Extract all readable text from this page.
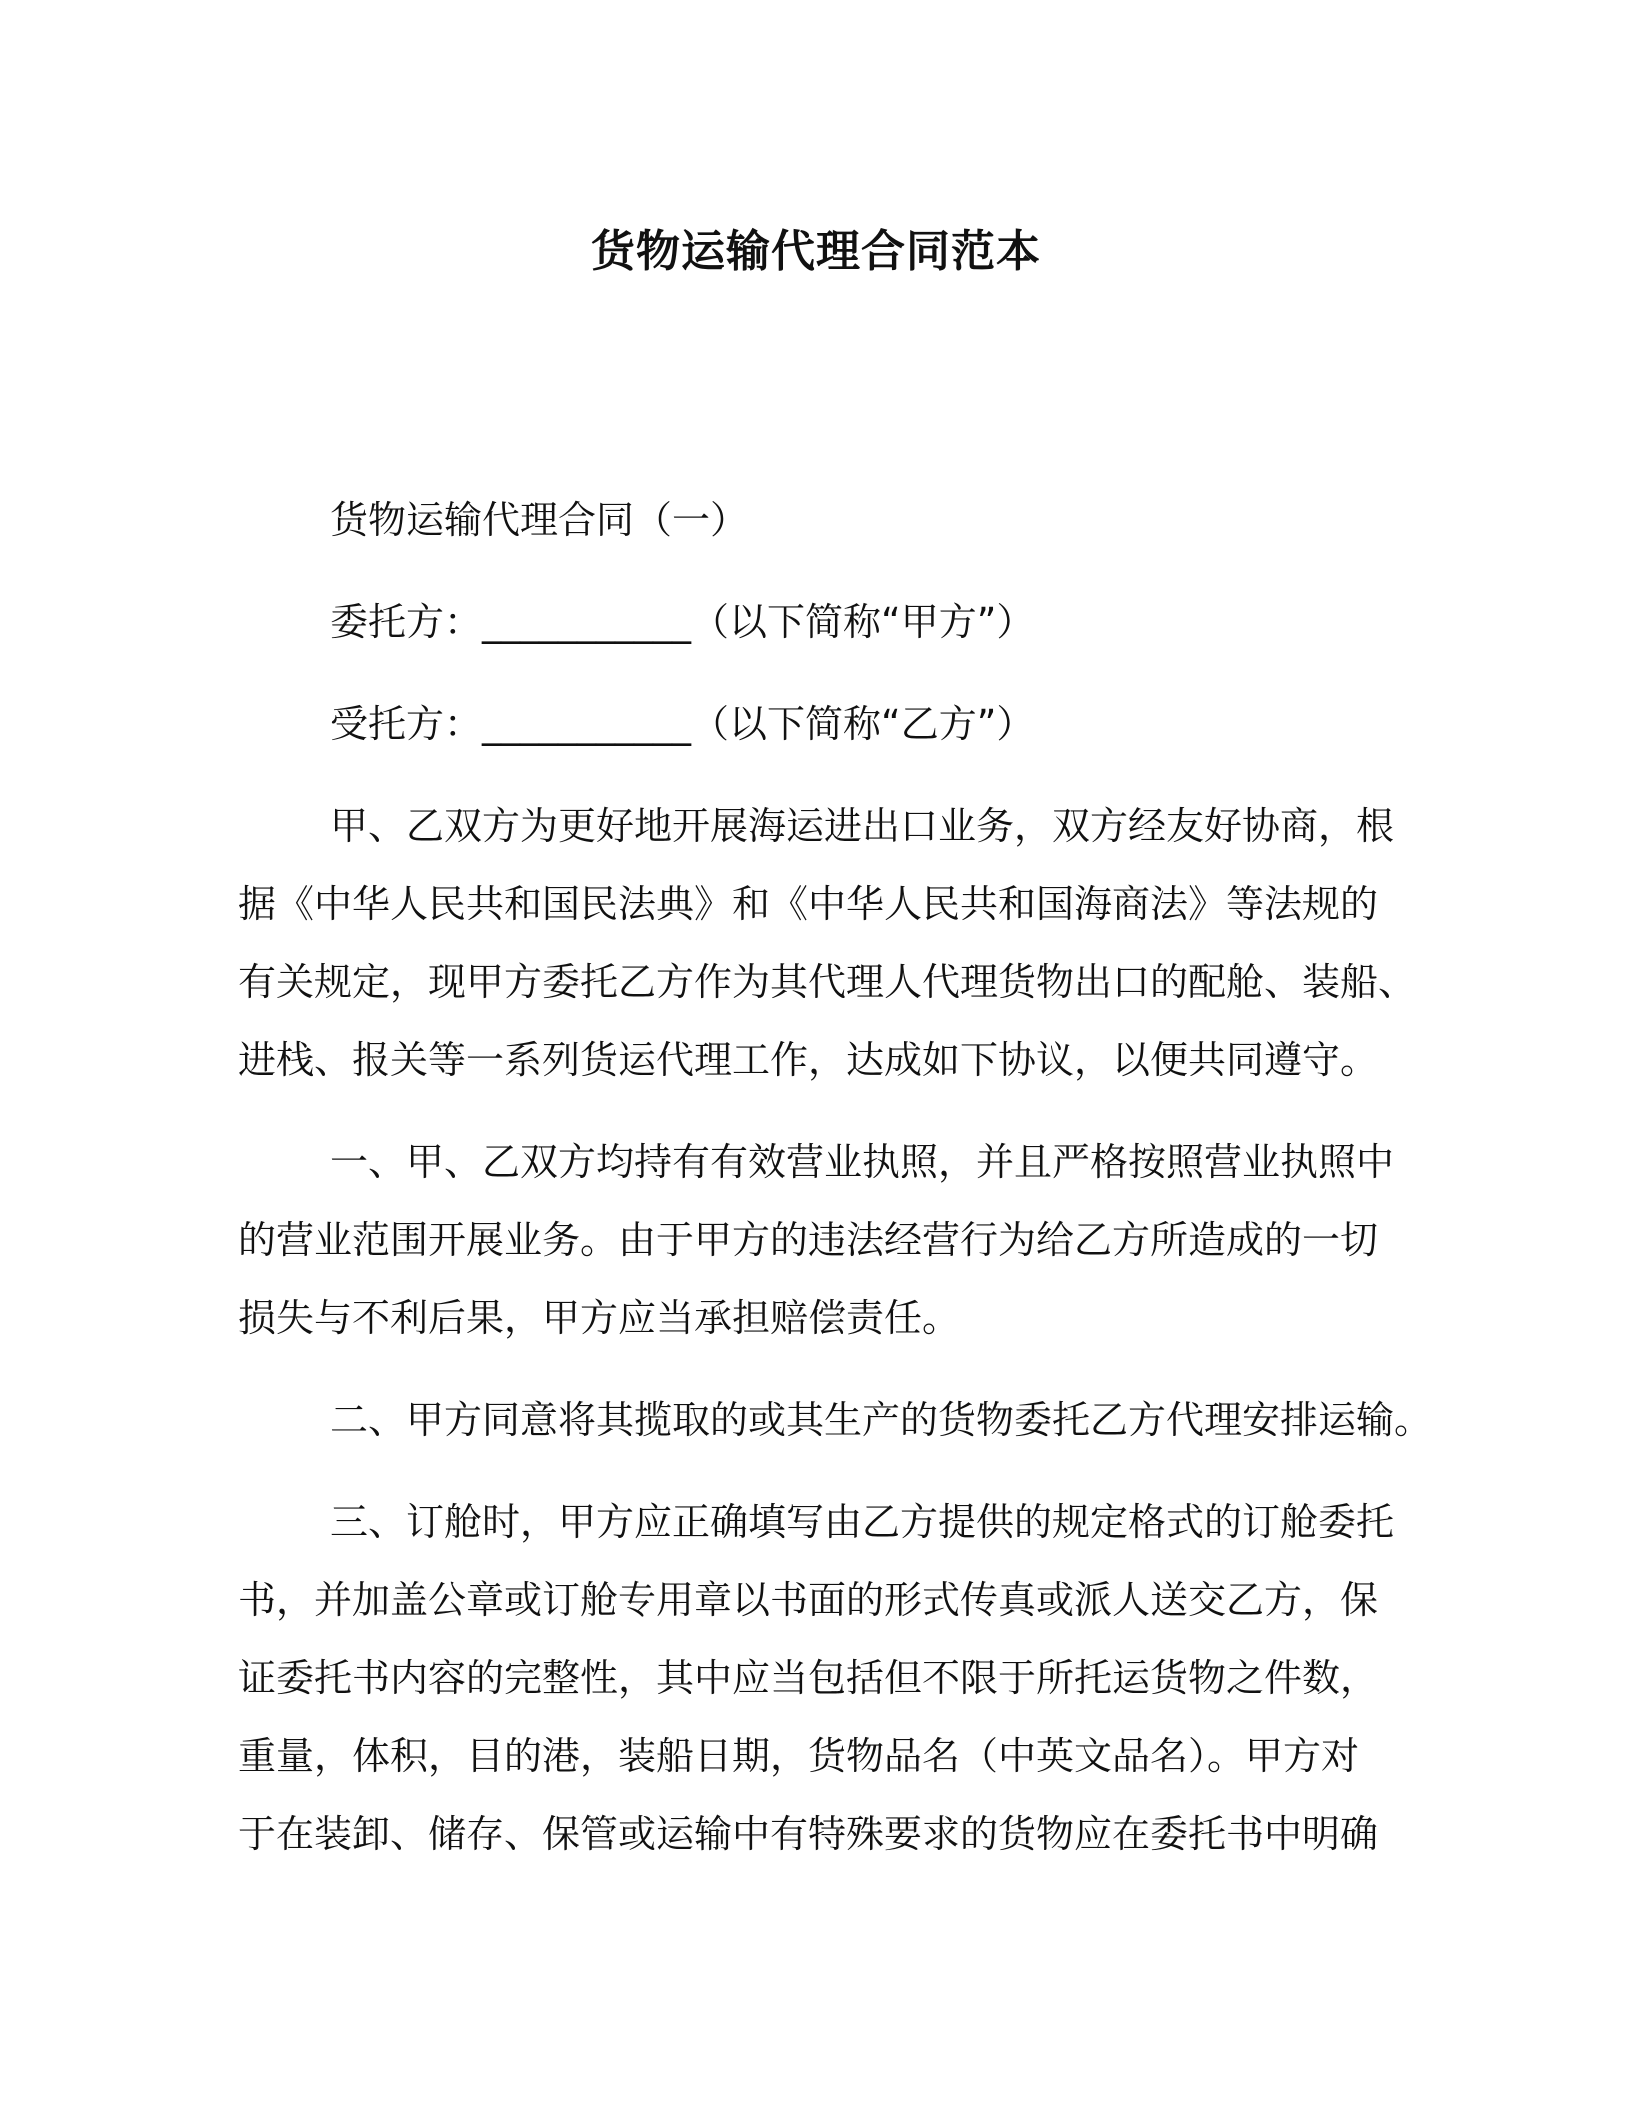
货物运输代理合同范本
货物运输代理合同（一）
委托方：___________（以下简称“甲方”）
受托方：___________（以下简称“乙方”）
甲、乙双方为更好地开展海运进出口业务，双方经友好协商，根
据《中华人民共和国民法典》和《中华人民共和国海商法》等法规的
有关规定，现甲方委托乙方作为其代理人代理货物出口的配舱、装船、
进栈、报关等一系列货运代理工作，达成如下协议，以便共同遵守。
一、甲、乙双方均持有有效营业执照，并且严格按照营业执照中
的营业范围开展业务。由于甲方的违法经营行为给乙方所造成的一切
损失与不利后果，甲方应当承担赔偿责任。
二、甲方同意将其揽取的或其生产的货物委托乙方代理安排运输。
三、订舱时，甲方应正确填写由乙方提供的规定格式的订舱委托
书，并加盖公章或订舱专用章以书面的形式传真或派人送交乙方，保
证委托书内容的完整性，其中应当包括但不限于所托运货物之件数，
重量，体积，目的港，装船日期，货物品名（中英文品名）。甲方对
于在装卸、储存、保管或运输中有特殊要求的货物应在委托书中明确
